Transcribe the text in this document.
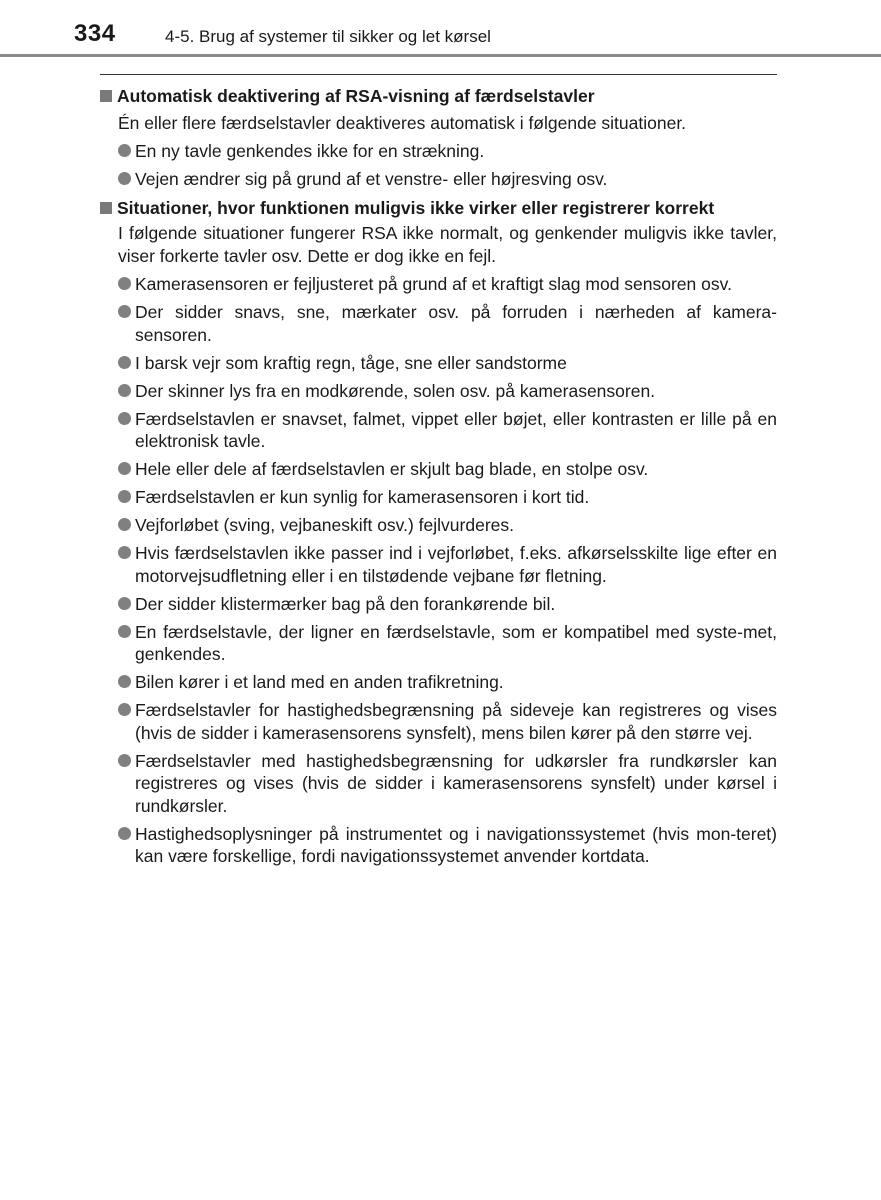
334	4-5. Brug af systemer til sikker og let kørsel
Automatisk deaktivering af RSA-visning af færdselstavler
Én eller flere færdselstavler deaktiveres automatisk i følgende situationer.
En ny tavle genkendes ikke for en strækning.
Vejen ændrer sig på grund af et venstre- eller højresving osv.
Situationer, hvor funktionen muligvis ikke virker eller registrerer korrekt
I følgende situationer fungerer RSA ikke normalt, og genkender muligvis ikke tavler, viser forkerte tavler osv. Dette er dog ikke en fejl.
Kamerasensoren er fejljusteret på grund af et kraftigt slag mod sensoren osv.
Der sidder snavs, sne, mærkater osv. på forruden i nærheden af kamera-sensoren.
I barsk vejr som kraftig regn, tåge, sne eller sandstorme
Der skinner lys fra en modkørende, solen osv. på kamerasensoren.
Færdselstavlen er snavset, falmet, vippet eller bøjet, eller kontrasten er lille på en elektronisk tavle.
Hele eller dele af færdselstavlen er skjult bag blade, en stolpe osv.
Færdselstavlen er kun synlig for kamerasensoren i kort tid.
Vejforløbet (sving, vejbaneskift osv.) fejlvurderes.
Hvis færdselstavlen ikke passer ind i vejforløbet, f.eks. afkørselsskilte lige efter en motorvejsudfletning eller i en tilstødende vejbane før fletning.
Der sidder klistermærker bag på den forankørende bil.
En færdselstavle, der ligner en færdselstavle, som er kompatibel med syste-met, genkendes.
Bilen kører i et land med en anden trafikretning.
Færdselstavler for hastighedsbegrænsning på sideveje kan registreres og vises (hvis de sidder i kamerasensorens synsfelt), mens bilen kører på den større vej.
Færdselstavler med hastighedsbegrænsning for udkørsler fra rundkørsler kan registreres og vises (hvis de sidder i kamerasensorens synsfelt) under kørsel i rundkørsler.
Hastighedsoplysninger på instrumentet og i navigationssystemet (hvis mon-teret) kan være forskellige, fordi navigationssystemet anvender kortdata.
